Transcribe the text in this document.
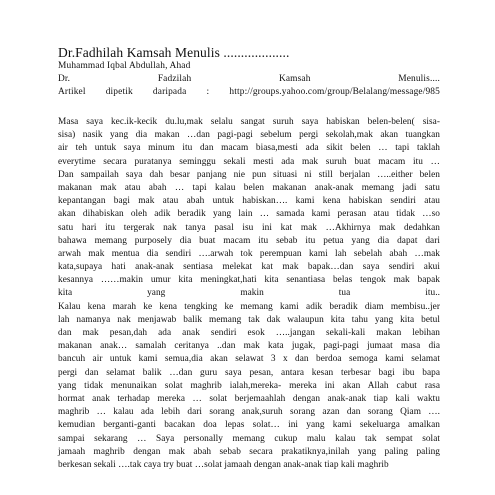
Dr.Fadhilah Kamsah Menulis ...................
Muhammad Iqbal Abdullah, Ahad
Dr.	Fadzilah	Kamsah	Menulis....
Artikel dipetik daripada : http://groups.yahoo.com/group/Belalang/message/985
Masa saya kec.ik-kecik du.lu,mak selalu sangat suruh saya habiskan belen-belen( sisa-
sisa) nasik yang dia makan …dan pagi-pagi sebelum pergi sekolah,mak akan tuangkan
air teh untuk saya minum itu dan macam biasa,mesti ada sikit belen … tapi taklah
everytime secara puratanya seminggu sekali mesti ada mak suruh buat macam itu …
Dan sampailah saya dah besar panjang nie pun situasi ni still berjalan …..either belen
makanan mak atau abah … tapi kalau belen makanan anak-anak memang jadi satu
kepantangan bagi mak atau abah untuk habiskan…. kami kena habiskan sendiri atau
akan dihabiskan oleh adik beradik yang lain … samada kami perasan atau tidak …so
satu hari itu tergerak nak tanya pasal isu ini kat mak …Akhirnya mak dedahkan
bahawa memang purposely dia buat macam itu sebab itu petua yang dia dapat dari
arwah mak mentua dia sendiri ….arwah tok perempuan kami lah sebelah abah …mak
kata,supaya hati anak-anak sentiasa melekat kat mak bapak…dan saya sendiri akui
kesannya ……makin umur kita meningkat,hati kita senantiasa belas tengok mak bapak
kita yang makin tua itu..
Kalau kena marah ke kena tengking ke memang kami adik beradik diam membisu..jer
lah namanya nak menjawab balik memang tak dak walaupun kita tahu yang kita betul
dan mak pesan,dah ada anak sendiri esok …..jangan sekali-kali makan lebihan
makanan anak… samalah ceritanya ..dan mak kata jugak, pagi-pagi jumaat masa dia
bancuh air untuk kami semua,dia akan selawat 3 x dan berdoa semoga kami selamat
pergi dan selamat balik …dan guru saya pesan, antara kesan terbesar bagi ibu bapa
yang tidak menunaikan solat maghrib ialah,mereka- mereka ini akan Allah cabut rasa
hormat anak terhadap mereka … solat berjemaahlah dengan anak-anak tiap kali waktu
maghrib … kalau ada lebih dari sorang anak,suruh sorang azan dan sorang Qiam ….
kemudian berganti-ganti bacakan doa lepas solat… ini yang kami sekeluarga amalkan
sampai sekarang … Saya personally memang cukup malu kalau tak sempat solat
jamaah maghrib dengan mak abah sebab secara prakatiknya,inilah yang paling paling
berkesan sekali ….tak caya try buat …solat jamaah dengan anak-anak tiap kali maghrib
